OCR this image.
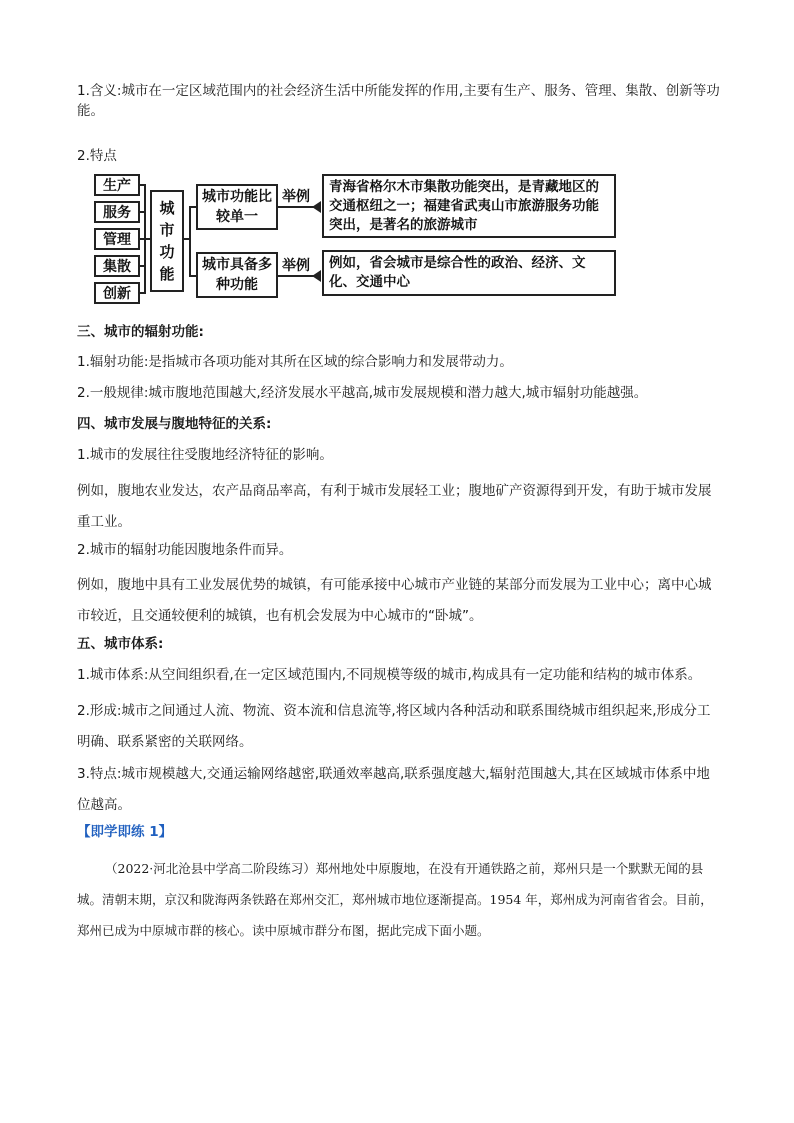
1.含义:城市在一定区域范围内的社会经济生活中所能发挥的作用,主要有生产、服务、管理、集散、创新等功能。
2.特点
生产
服务
管理
集散
创新
城
市
功
能
城市功能比较单一
城市具备多种功能
举例
举例
青海省格尔木市集散功能突出，是青藏地区的交通枢纽之一；福建省武夷山市旅游服务功能突出，是著名的旅游城市
例如，省会城市是综合性的政治、经济、文化、交通中心
三、城市的辐射功能:
1.辐射功能:是指城市各项功能对其所在区域的综合影响力和发展带动力。
2.一般规律:城市腹地范围越大,经济发展水平越高,城市发展规模和潜力越大,城市辐射功能越强。
四、城市发展与腹地特征的关系:
1.城市的发展往往受腹地经济特征的影响。
例如，腹地农业发达，农产品商品率高，有利于城市发展轻工业；腹地矿产资源得到开发，有助于城市发展重工业。
2.城市的辐射功能因腹地条件而异。
例如，腹地中具有工业发展优势的城镇，有可能承接中心城市产业链的某部分而发展为工业中心；离中心城市较近，且交通较便利的城镇，也有机会发展为中心城市的“卧城”。
五、城市体系:
1.城市体系:从空间组织看,在一定区域范围内,不同规模等级的城市,构成具有一定功能和结构的城市体系。
2.形成:城市之间通过人流、物流、资本流和信息流等,将区域内各种活动和联系围绕城市组织起来,形成分工明确、联系紧密的关联网络。
3.特点:城市规模越大,交通运输网络越密,联通效率越高,联系强度越大,辐射范围越大,其在区域城市体系中地位越高。
【即学即练 1】
（2022·河北沧县中学高二阶段练习）郑州地处中原腹地，在没有开通铁路之前，郑州只是一个默默无闻的县城。清朝末期，京汉和陇海两条铁路在郑州交汇，郑州城市地位逐渐提高。1954 年，郑州成为河南省省会。目前，郑州已成为中原城市群的核心。读中原城市群分布图，据此完成下面小题。
